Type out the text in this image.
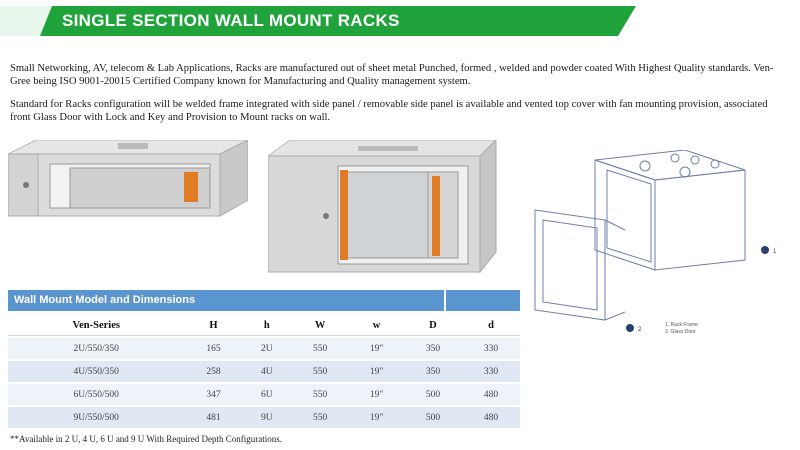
SINGLE SECTION WALL MOUNT RACKS

Small Networking, AV, telecom & Lab Applications, Racks are manufactured out of sheet metal Punched, formed , welded and powder coated With Highest Quality standards. Ven-Gree being ISO 9001-20015 Certified Company known for Manufacturing and Quality management system.

Standard for Racks configuration will be welded frame integrated with side panel / removable side panel is available and vented top cover with fan mounting provision, associated front Glass Door with Lock and Key and Provision to Mount racks on wall.

1
2
1. Rack Frame
2. Glass Door
Wall Mount Model and Dimensions
Ven-Series	H	h	W	w	D	d
2U/550/350	165	2U	550	19"	350	330
4U/550/350	258	4U	550	19"	350	330
6U/550/500	347	6U	550	19"	500	480
9U/550/500	481	9U	550	19"	500	480
**Available in 2 U, 4 U, 6 U and 9 U With Required Depth Configurations.
